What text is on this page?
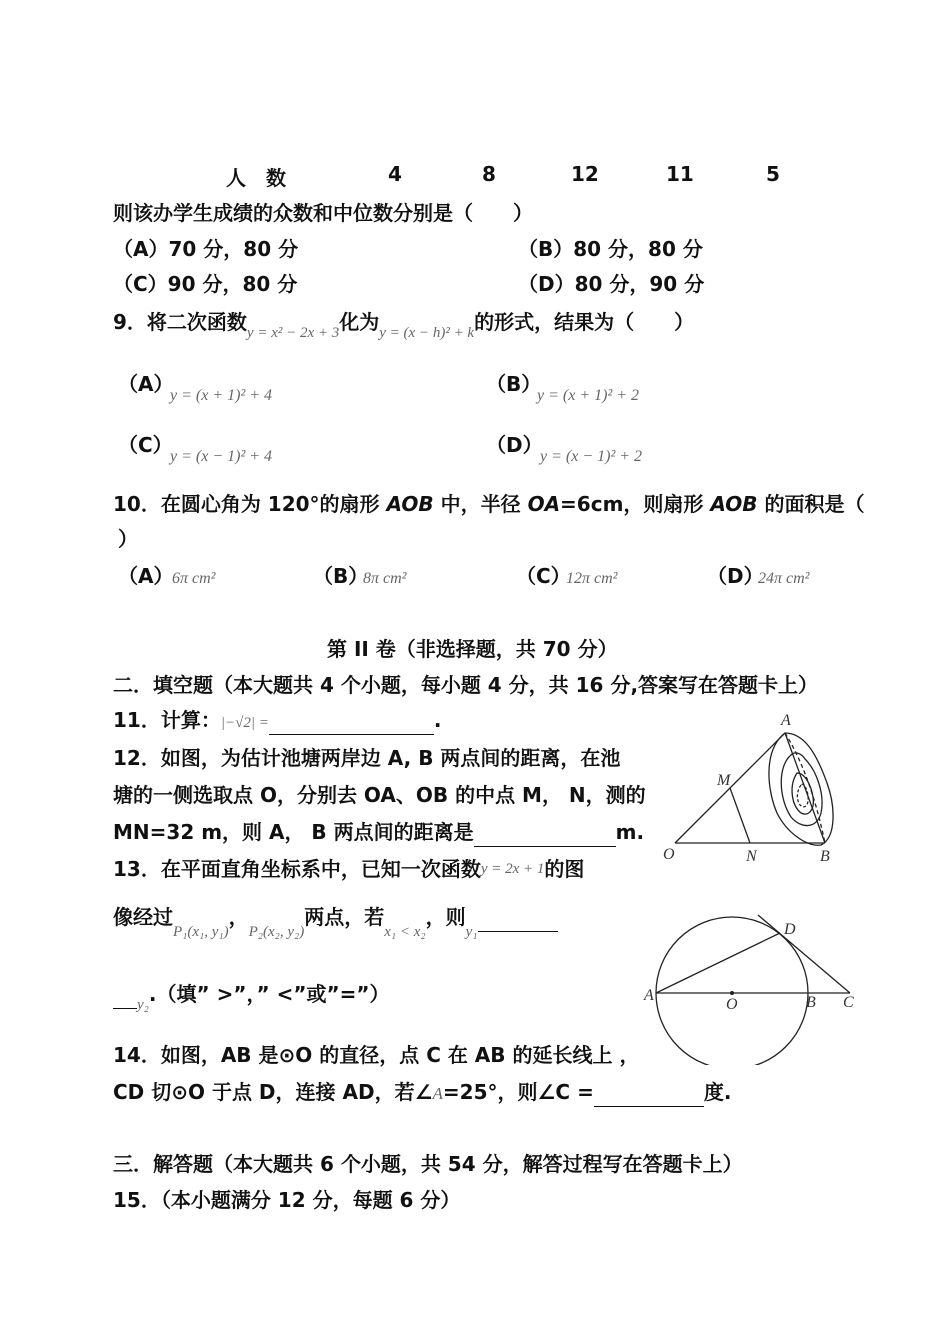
人　数	4	8	12	11	5
则该办学生成绩的众数和中位数分别是（　　）
（A）70 分，80 分	（B）80 分，80 分
（C）90 分，80 分	（D）80 分，90 分
9．将二次函数$_{y = x^2 - 2x + 3}$化为$_{y = (x - h)^2 + k}$的形式，结果为（　　）
（A）
y = (x + 1)² + 4	（B）
y = (x + 1)² + 2
（C）
y = (x − 1)² + 4	（D）
y = (x − 1)² + 2
10．在圆心角为 120°的扇形 AOB 中，半径 OA=6cm，则扇形 AOB 的面积是（
）
（A）
6π cm²	（B）
8π cm²	（C）
12π cm²	（D）
24π cm²
第 II 卷（非选择题，共 70 分）
二．填空题（本大题共 4 个小题，每小题 4 分，共 16 分,答案写在答题卡上）
11．计算：|−√2| =	.
12．如图，为估计池塘两岸边 A, B 两点间的距离，在池
塘的一侧选取点 O，分别去 OA、OB 的中点 M， N，测的
MN=32 m，则 A， B 两点间的距离是	m.
13．在平面直角坐标系中，已知一次函数y = 2x + 1的图
像经过$_{P_1(x_1, y_1)}$，$_{P_2(x_2, y_2)}$两点，若$_{x_1 < x_2}$，则$_{y_1}$
$_{y_2}$.（填” >”，” <”或”=”）
14．如图，AB 是⊙O 的直径，点 C 在 AB 的延长线上 ，
CD 切⊙O 于点 D，连接 AD，若∠A=25°，则∠C =	度.
三．解答题（本大题共 6 个小题，共 54 分，解答过程写在答题卡上）
15．（本小题满分 12 分，每题 6 分）
A
M
O	N	B
D
A
O	B C
